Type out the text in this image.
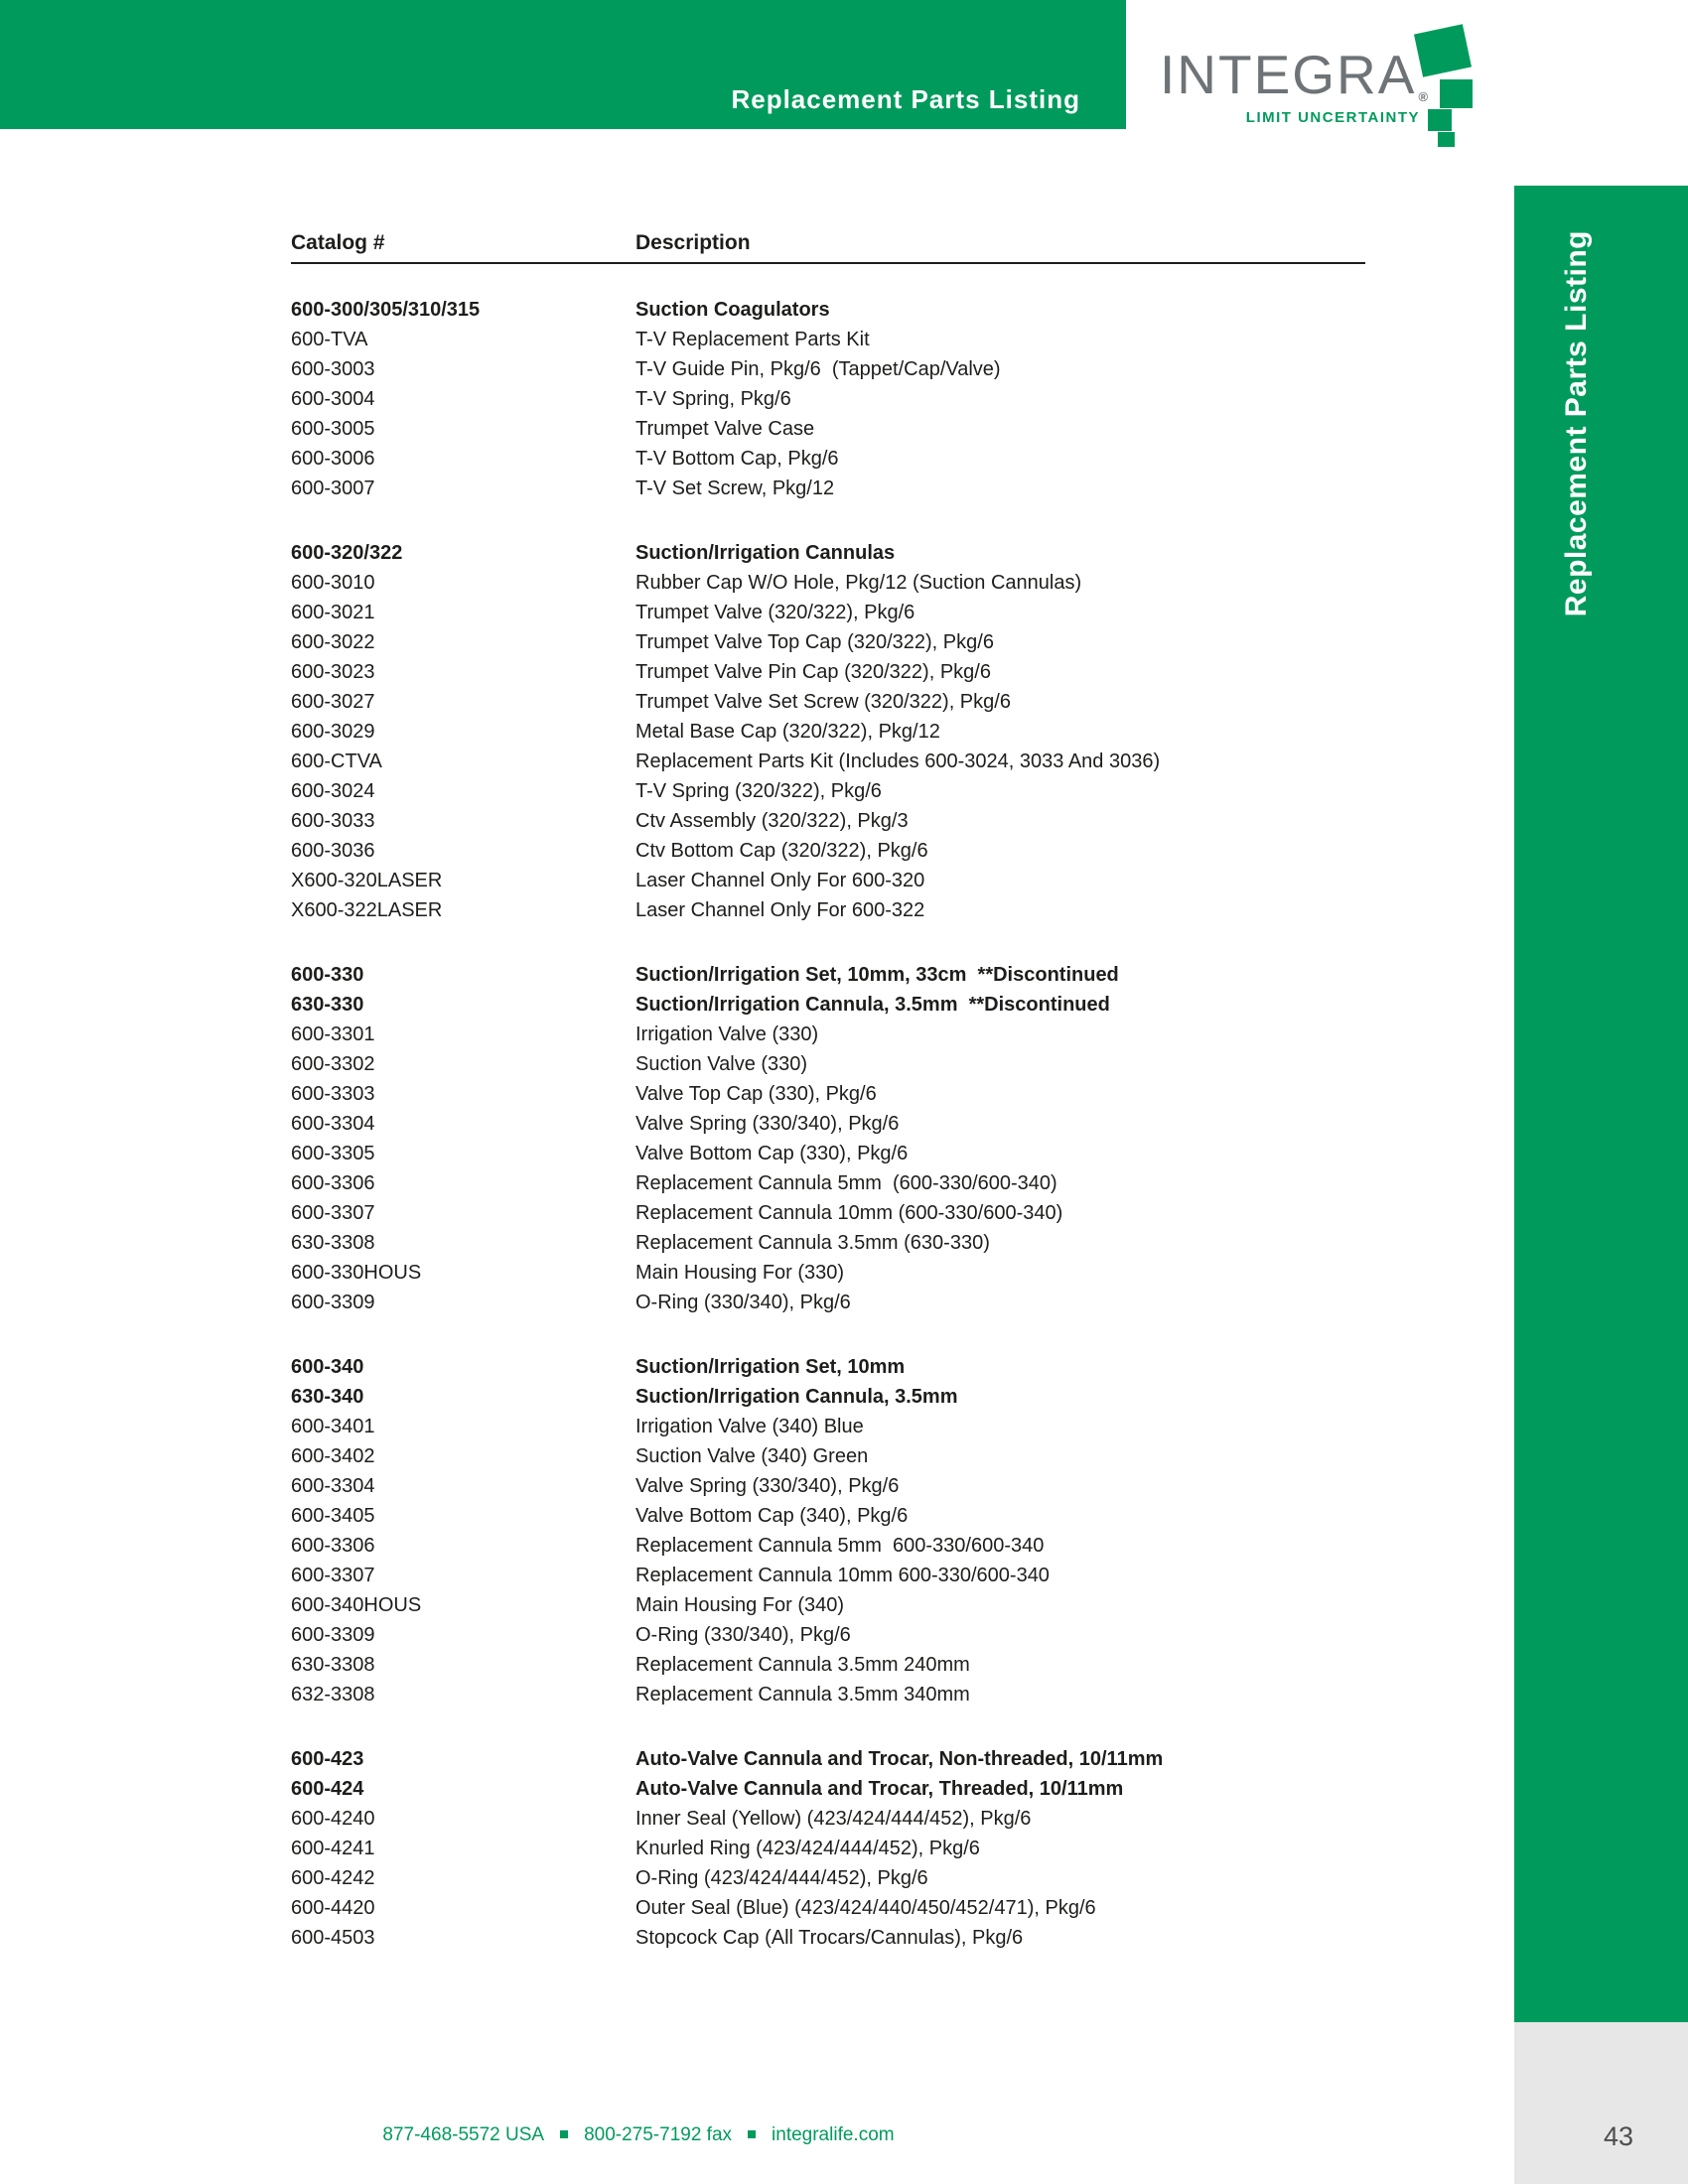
Replacement Parts Listing INTEGRA ®
LIMIT UNCERTAINTY
Replacement Parts Listing
43
Catalog #	Description
600-300/305/310/315	Suction Coagulators
600-TVA	T-V Replacement Parts Kit
600-3003	T-V Guide Pin, Pkg/6  (Tappet/Cap/Valve)
600-3004	T-V Spring, Pkg/6
600-3005	Trumpet Valve Case
600-3006	T-V Bottom Cap, Pkg/6
600-3007	T-V Set Screw, Pkg/12
600-320/322	Suction/Irrigation Cannulas
600-3010	Rubber Cap W/O Hole, Pkg/12 (Suction Cannulas)
600-3021	Trumpet Valve (320/322), Pkg/6
600-3022	Trumpet Valve Top Cap (320/322), Pkg/6
600-3023	Trumpet Valve Pin Cap (320/322), Pkg/6
600-3027	Trumpet Valve Set Screw (320/322), Pkg/6
600-3029	Metal Base Cap (320/322), Pkg/12
600-CTVA	Replacement Parts Kit (Includes 600-3024, 3033 And 3036)
600-3024	T-V Spring (320/322), Pkg/6
600-3033	Ctv Assembly (320/322), Pkg/3
600-3036	Ctv Bottom Cap (320/322), Pkg/6
X600-320LASER	Laser Channel Only For 600-320
X600-322LASER	Laser Channel Only For 600-322
600-330	Suction/Irrigation Set, 10mm, 33cm  **Discontinued
630-330	Suction/Irrigation Cannula, 3.5mm  **Discontinued
600-3301	Irrigation Valve (330)
600-3302	Suction Valve (330)
600-3303	Valve Top Cap (330), Pkg/6
600-3304	Valve Spring (330/340), Pkg/6
600-3305	Valve Bottom Cap (330), Pkg/6
600-3306	Replacement Cannula 5mm  (600-330/600-340)
600-3307	Replacement Cannula 10mm (600-330/600-340)
630-3308	Replacement Cannula 3.5mm (630-330)
600-330HOUS	Main Housing For (330)
600-3309	O-Ring (330/340), Pkg/6
600-340	Suction/Irrigation Set, 10mm
630-340	Suction/Irrigation Cannula, 3.5mm
600-3401	Irrigation Valve (340) Blue
600-3402	Suction Valve (340) Green
600-3304	Valve Spring (330/340), Pkg/6
600-3405	Valve Bottom Cap (340), Pkg/6
600-3306	Replacement Cannula 5mm  600-330/600-340
600-3307	Replacement Cannula 10mm 600-330/600-340
600-340HOUS	Main Housing For (340)
600-3309	O-Ring (330/340), Pkg/6
630-3308	Replacement Cannula 3.5mm 240mm
632-3308	Replacement Cannula 3.5mm 340mm
600-423	Auto-Valve Cannula and Trocar, Non-threaded, 10/11mm
600-424	Auto-Valve Cannula and Trocar, Threaded, 10/11mm
600-4240	Inner Seal (Yellow) (423/424/444/452), Pkg/6
600-4241	Knurled Ring (423/424/444/452), Pkg/6
600-4242	O-Ring (423/424/444/452), Pkg/6
600-4420	Outer Seal (Blue) (423/424/440/450/452/471), Pkg/6
600-4503	Stopcock Cap (All Trocars/Cannulas), Pkg/6
877-468-5572 USA 800-275-7192 fax integralife.com
